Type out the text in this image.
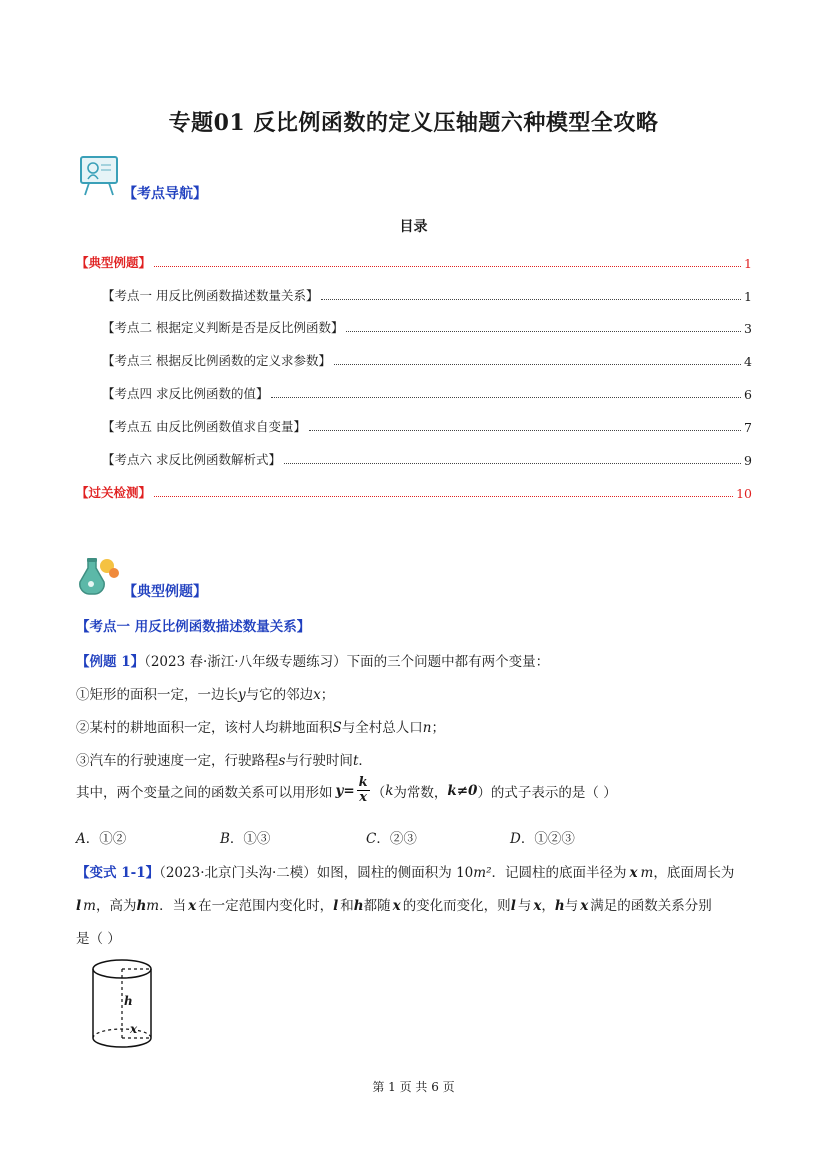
专题01 反比例函数的定义压轴题六种模型全攻略
【考点导航】
目录
【典型例题】	1
【考点一 用反比例函数描述数量关系】	1
【考点二 根据定义判断是否是反比例函数】	3
【考点三 根据反比例函数的定义求参数】	4
【考点四 求反比例函数的值】	6
【考点五 由反比例函数值求自变量】	7
【考点六 求反比例函数解析式】	9
【过关检测】	10
【典型例题】
【考点一 用反比例函数描述数量关系】
【例题 1】（2023 春·浙江·八年级专题练习）下面的三个问题中都有两个变量：
①矩形的面积一定，一边长y与它的邻边x；
②某村的耕地面积一定，该村人均耕地面积S与全村总人口n；
③汽车的行驶速度一定，行驶路程s与行驶时间t．
其中，两个变量之间的函数关系可以用形如 $y = \frac{k}{x}$ （ k 为常数， k≠0 ）的式子表示的是（ ）
A．①②	B．①③	C．②③	D．①②③
【变式 1-1】（2023·北京门头沟·二模）如图，圆柱的侧面积为 10m²．记圆柱的底面半径为 x m，底面周长为
l m，高为hm．当 x 在一定范围内变化时，l 和h都随 x 的变化而变化，则l 与 x，h与 x 满足的函数关系分别
是（ ）
h
x
第 1 页 共 6 页
